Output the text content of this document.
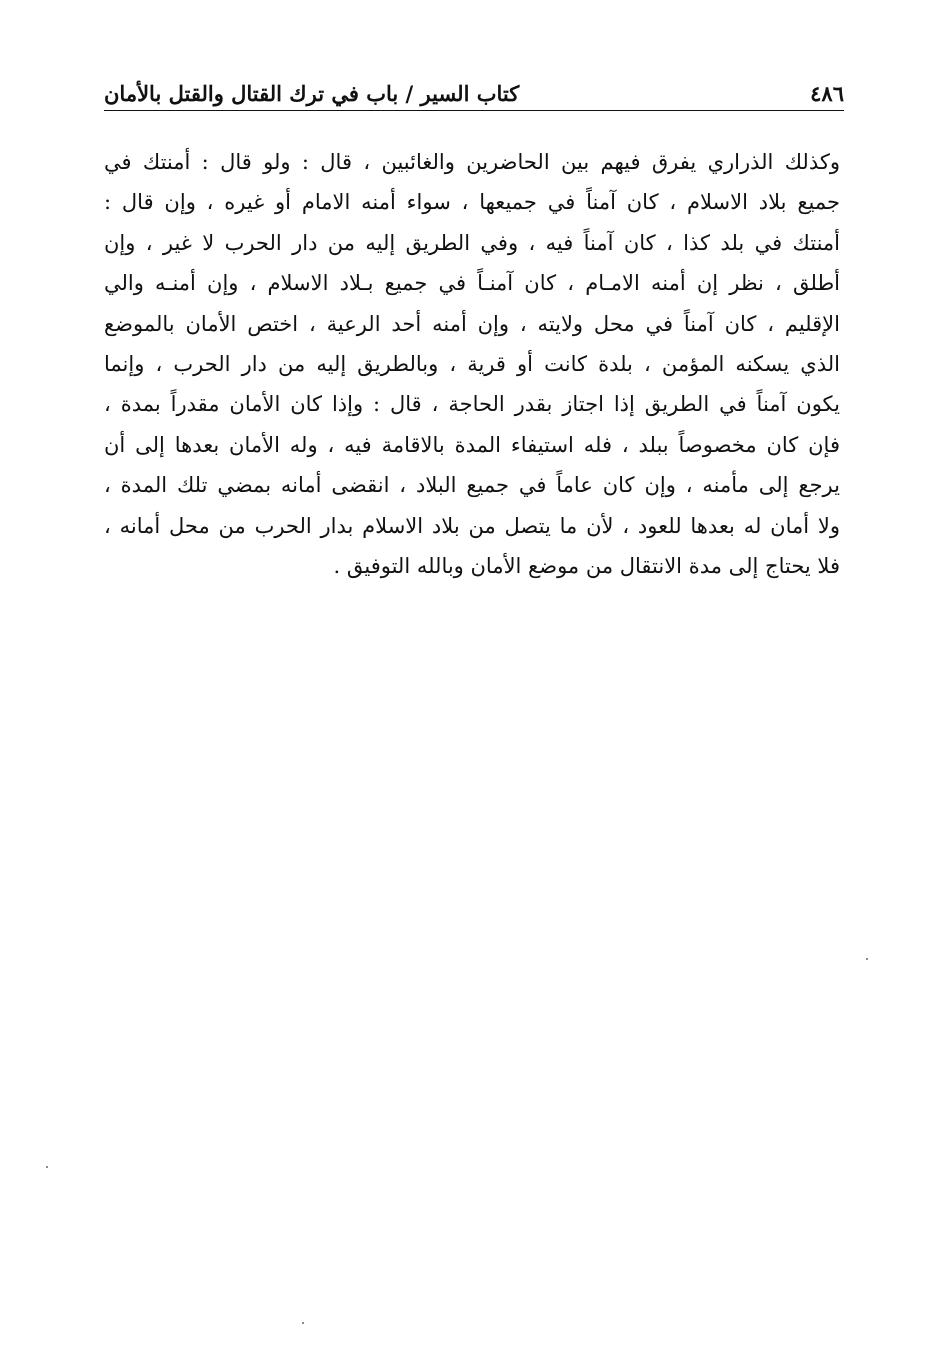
٤٨٦
كتاب السير / باب في ترك القتال والقتل بالأمان
وكذلك الذراري يفرق فيهم بين الحاضرين والغائبين ، قال : ولو قال : أمنتك في
جميع بلاد الاسلام ، كان آمناً في جميعها ، سواء أمنه الامام أو غيره ، وإن قال :
أمنتك في بلد كذا ، كان آمناً فيه ، وفي الطريق إليه من دار الحرب لا غير ، وإن
أطلق ، نظر إن أمنه الامـام ، كان آمنـاً في جميع بـلاد الاسلام ، وإن أمنـه والي
الإقليم ، كان آمناً في محل ولايته ، وإن أمنه أحد الرعية ، اختص الأمان بالموضع
الذي يسكنه المؤمن ، بلدة كانت أو قرية ، وبالطريق إليه من دار الحرب ، وإنما
يكون آمناً في الطريق إذا اجتاز بقدر الحاجة ، قال : وإذا كان الأمان مقدراً بمدة ،
فإن كان مخصوصاً ببلد ، فله استيفاء المدة بالاقامة فيه ، وله الأمان بعدها إلى أن
يرجع إلى مأمنه ، وإن كان عاماً في جميع البلاد ، انقضى أمانه بمضي تلك المدة ،
ولا أمان له بعدها للعود ، لأن ما يتصل من بلاد الاسلام بدار الحرب من محل أمانه ،
فلا يحتاج إلى مدة الانتقال من موضع الأمان وبالله التوفيق .
